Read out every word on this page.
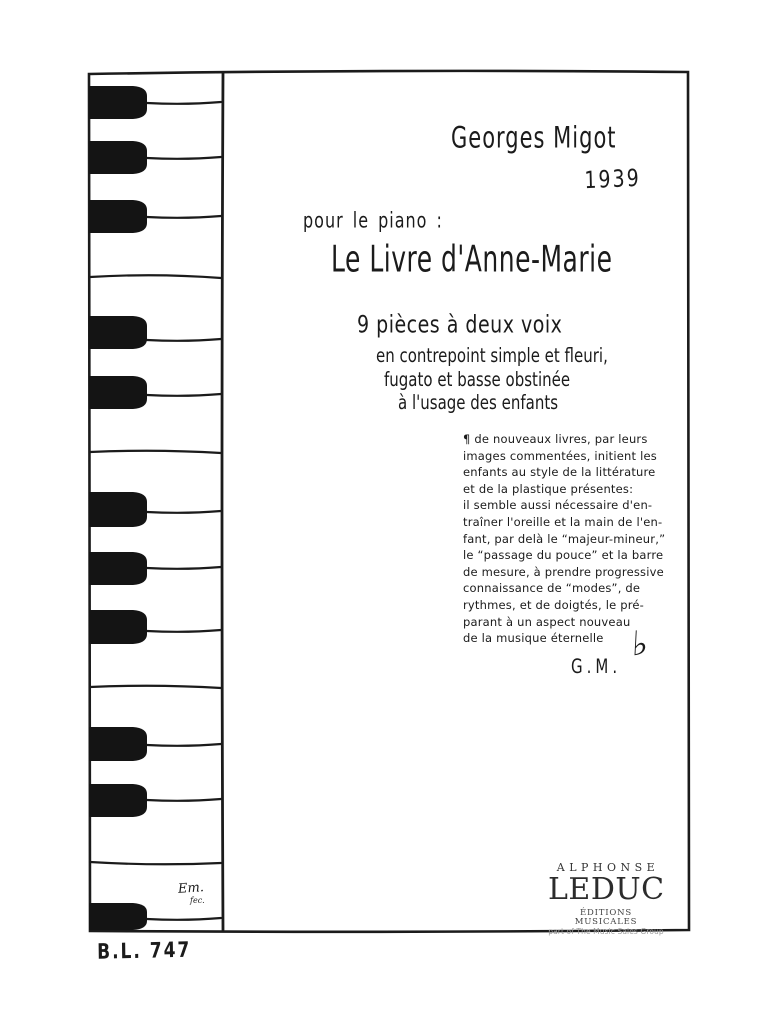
Georges Migot
1939
pour le piano :
Le Livre d'Anne-Marie
9 pièces à deux voix
en contrepoint simple et fleuri,
fugato et basse obstinée
à l'usage des enfants
¶ de nouveaux livres, par leurs
images commentées, initient les
enfants au style de la littérature
et de la plastique présentes:
il semble aussi nécessaire d'en-
traîner l'oreille et la main de l'en-
fant, par delà le “majeur-mineur,”
le “passage du pouce” et la barre
de mesure, à prendre progressive
connaissance de “modes”, de
rythmes, et de doigtés, le pré-
parant à un aspect nouveau
de la musique éternelle ♭
G.M.
Em.
fec.
ALPHONSE
LEDUC
ÉDITIONS MUSICALES
part of The Music Sales Group
B.L. 747
